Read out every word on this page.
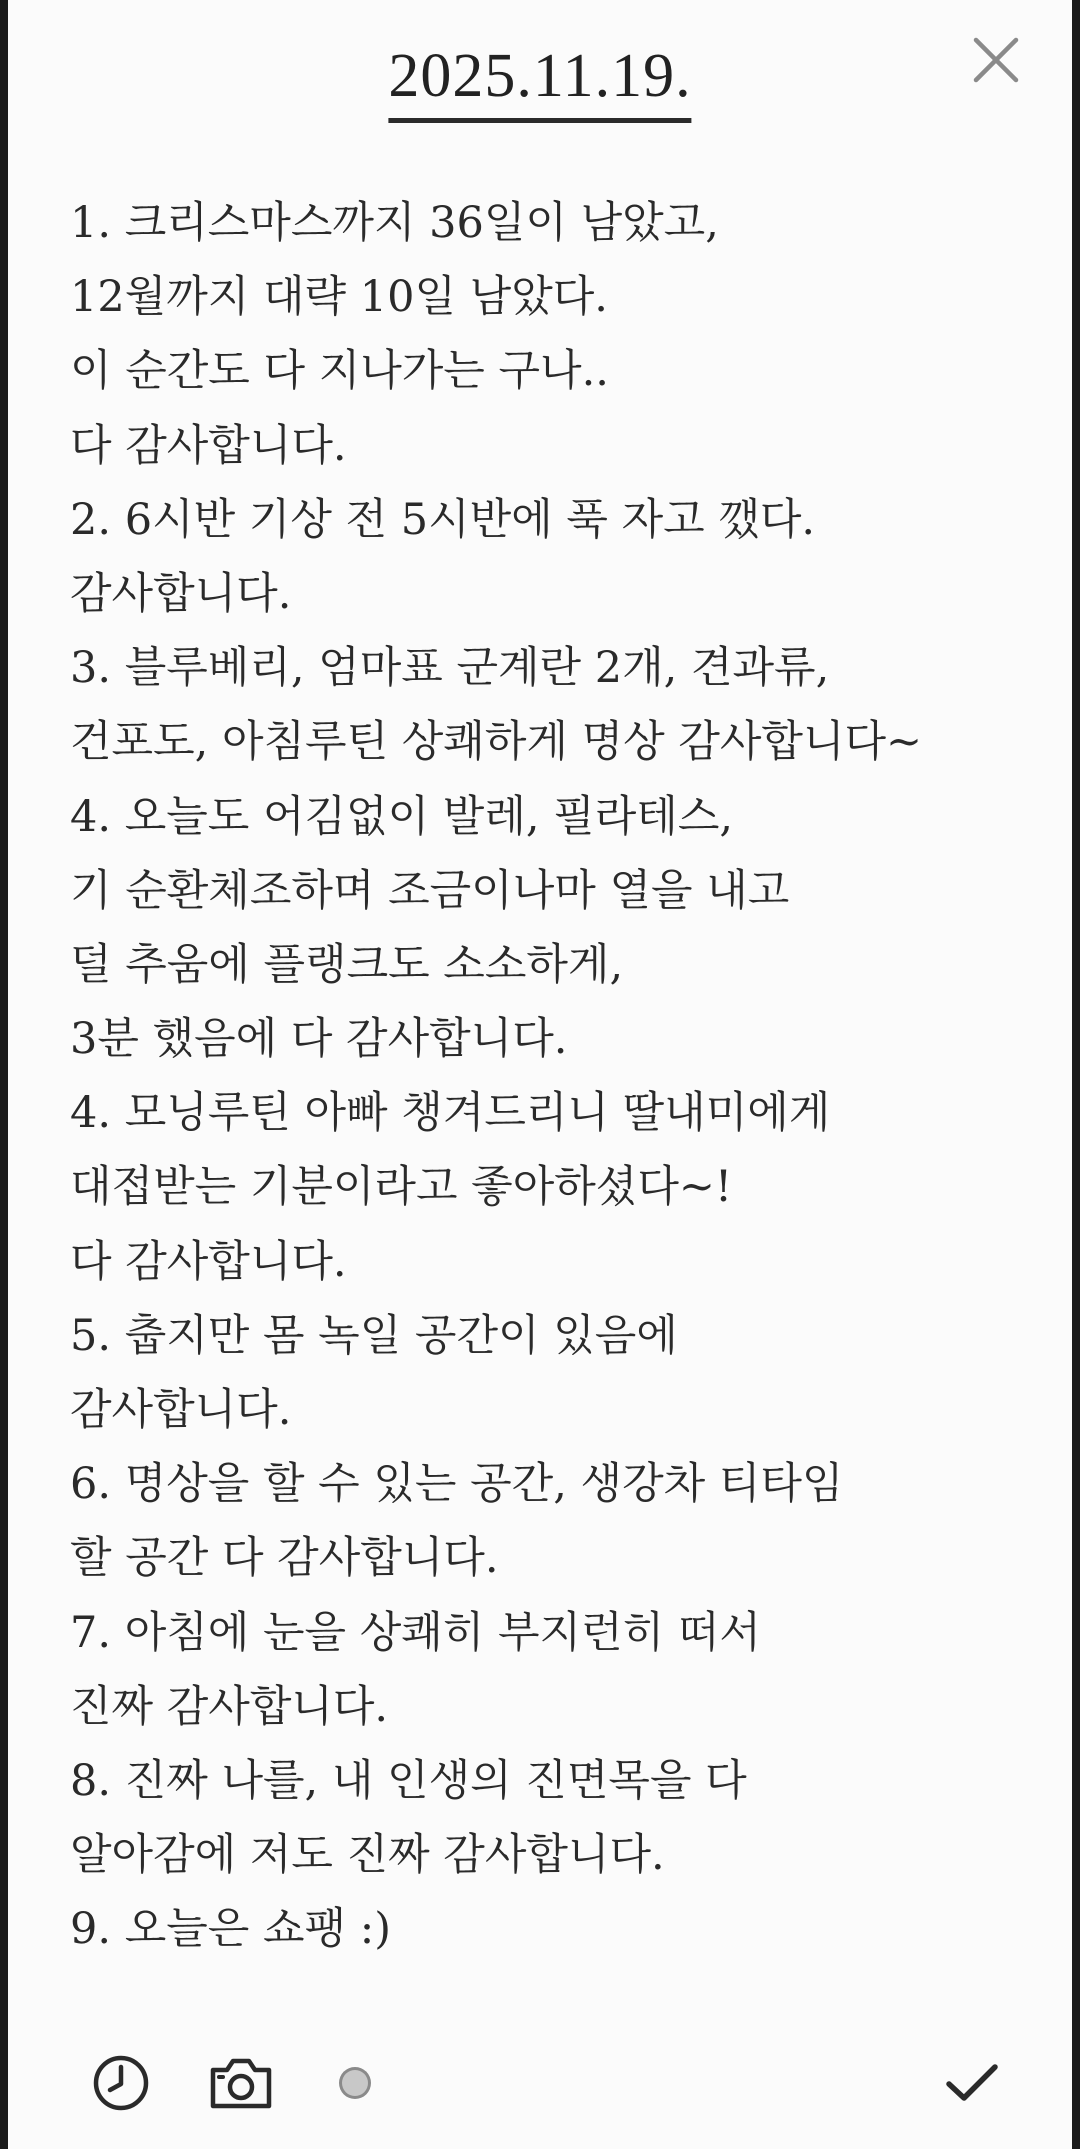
2025.11.19.
1. 크리스마스까지 36일이 남았고,
12월까지 대략 10일 남았다.
이 순간도 다 지나가는 구나..
다 감사합니다.
2. 6시반 기상 전 5시반에 푹 자고 깼다.
감사합니다.
3. 블루베리, 엄마표 군계란 2개, 견과류,
건포도, 아침루틴 상쾌하게 명상 감사합니다~
4. 오늘도 어김없이 발레, 필라테스,
기 순환체조하며 조금이나마 열을 내고
덜 추움에 플랭크도 소소하게,
3분 했음에 다 감사합니다.
4. 모닝루틴 아빠 챙겨드리니 딸내미에게
대접받는 기분이라고 좋아하셨다~!
다 감사합니다.
5. 춥지만 몸 녹일 공간이 있음에
감사합니다.
6. 명상을 할 수 있는 공간, 생강차 티타임
할 공간 다 감사합니다.
7. 아침에 눈을 상쾌히 부지런히 떠서
진짜 감사합니다.
8. 진짜 나를, 내 인생의 진면목을 다
알아감에 저도 진짜 감사합니다.
9. 오늘은 쇼팽 :)
